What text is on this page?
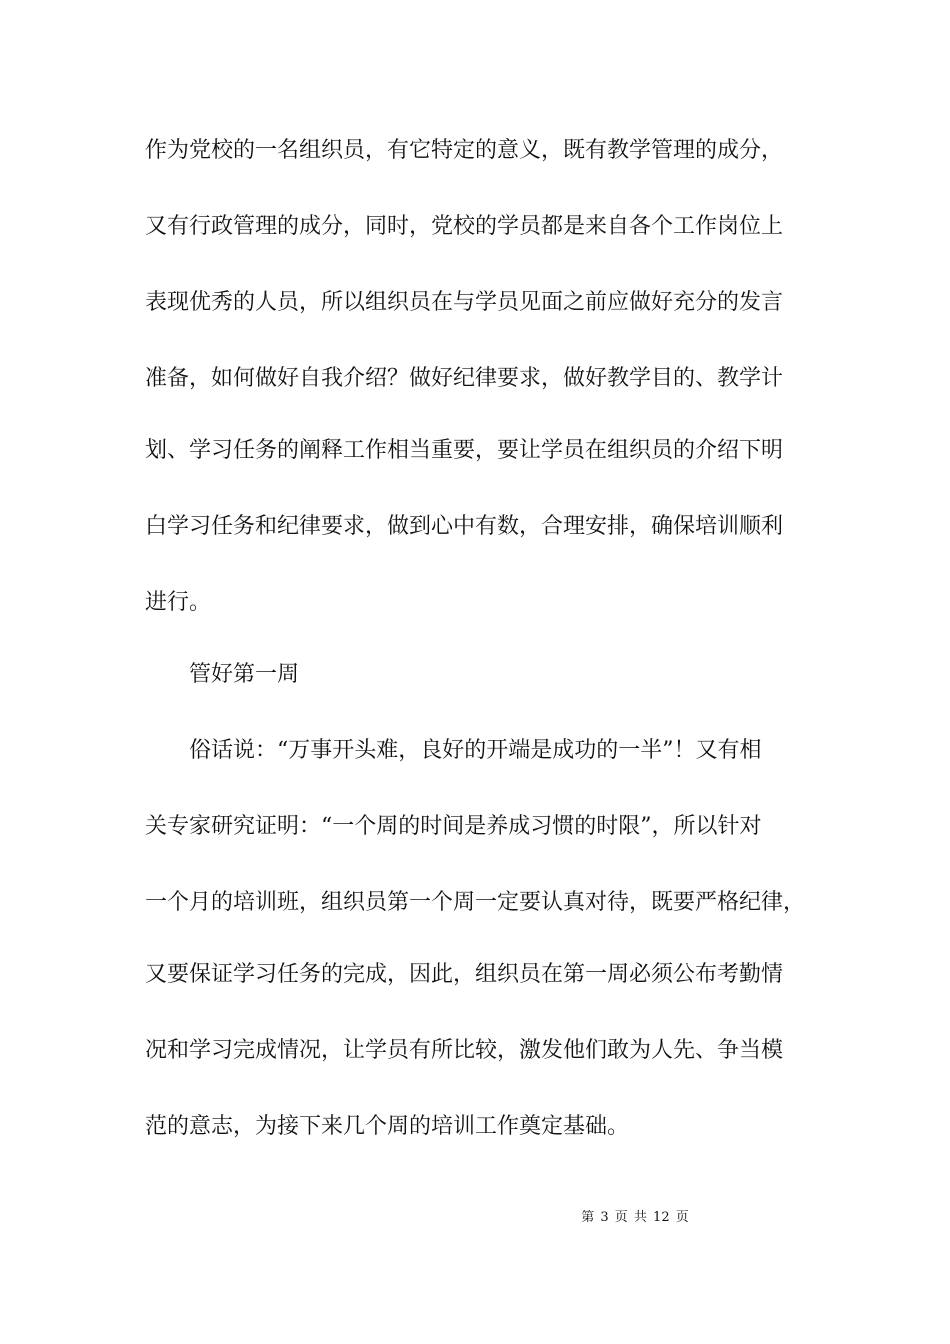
作为党校的一名组织员，有它特定的意义，既有教学管理的成分，

又有行政管理的成分，同时，党校的学员都是来自各个工作岗位上

表现优秀的人员，所以组织员在与学员见面之前应做好充分的发言

准备，如何做好自我介绍？做好纪律要求，做好教学目的、教学计

划、学习任务的阐释工作相当重要，要让学员在组织员的介绍下明

白学习任务和纪律要求，做到心中有数，合理安排，确保培训顺利

进行。

管好第一周

俗话说：“万事开头难，良好的开端是成功的一半”！又有相

关专家研究证明：“一个周的时间是养成习惯的时限”，所以针对

一个月的培训班，组织员第一个周一定要认真对待，既要严格纪律，

又要保证学习任务的完成，因此，组织员在第一周必须公布考勤情

况和学习完成情况，让学员有所比较，激发他们敢为人先、争当模

范的意志，为接下来几个周的培训工作奠定基础。

第 3 页 共 12 页
